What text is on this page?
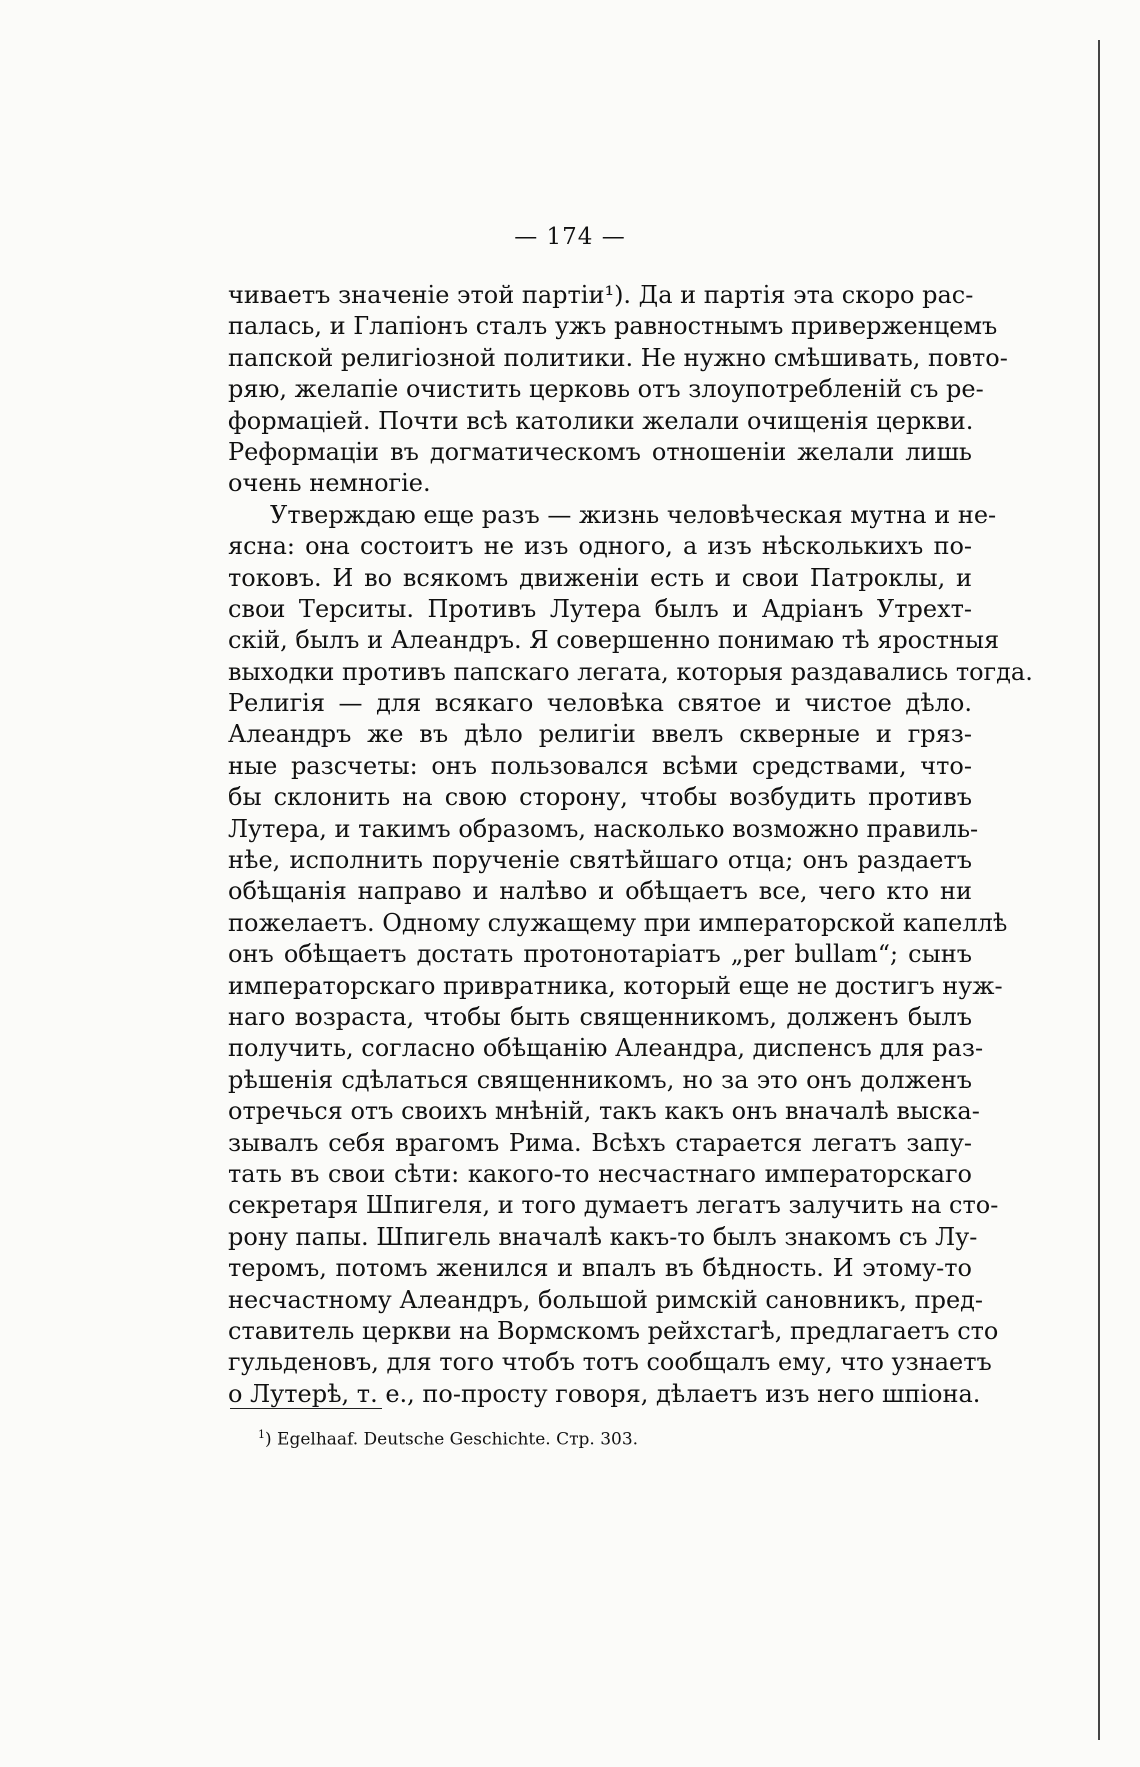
— 174 —
чиваетъ значеніе этой партіи¹). Да и партія эта скоро рас-
палась, и Глапіонъ сталъ ужъ равностнымъ приверженцемъ
папской религіозной политики. Не нужно смѣшивать, повто-
ряю, желапіе очистить церковь отъ злоупотребленій съ ре-
формаціей. Почти всѣ католики желали очищенія церкви.
Реформаціи въ догматическомъ отношеніи желали лишь
очень немногіе.
Утверждаю еще разъ — жизнь человѣческая мутна и не-
ясна: она состоитъ не изъ одного, а изъ нѣсколькихъ по-
токовъ. И во всякомъ движеніи есть и свои Патроклы, и
свои Терситы. Противъ Лутера былъ и Адріанъ Утрехт-
скій, былъ и Алеандръ. Я совершенно понимаю тѣ яростныя
выходки противъ папскаго легата, которыя раздавались тогда.
Религія — для всякаго человѣка святое и чистое дѣло.
Алеандръ же въ дѣло религіи ввелъ скверные и гряз-
ные разсчеты: онъ пользовался всѣми средствами, что-
бы склонить на свою сторону, чтобы возбудить противъ
Лутера, и такимъ образомъ, насколько возможно правиль-
нѣе, исполнить порученіе святѣйшаго отца; онъ раздаетъ
обѣщанія направо и налѣво и обѣщаетъ все, чего кто ни
пожелаетъ. Одному служащему при императорской капеллѣ
онъ обѣщаетъ достать протонотаріатъ „per bullam“; сынъ
императорскаго привратника, который еще не достигъ нуж-
наго возраста, чтобы быть священникомъ, долженъ былъ
получить, согласно обѣщанію Алеандра, диспенсъ для раз-
рѣшенія сдѣлаться священникомъ, но за это онъ долженъ
отречься отъ своихъ мнѣній, такъ какъ онъ вначалѣ выска-
зывалъ себя врагомъ Рима. Всѣхъ старается легатъ запу-
тать въ свои сѣти: какого-то несчастнаго императорскаго
секретаря Шпигеля, и того думаетъ легатъ залучить на сто-
рону папы. Шпигель вначалѣ какъ-то былъ знакомъ съ Лу-
теромъ, потомъ женился и впалъ въ бѣдность. И этому-то
несчастному Алеандръ, большой римскій сановникъ, пред-
ставитель церкви на Вормскомъ рейхстагѣ, предлагаетъ сто
гульденовъ, для того чтобъ тотъ сообщалъ ему, что узнаетъ
о Лутерѣ, т. е., по-просту говоря, дѣлаетъ изъ него шпіона.
$^1$) Egelhaaf. Deutsche Geschichte. Стр. 303.
